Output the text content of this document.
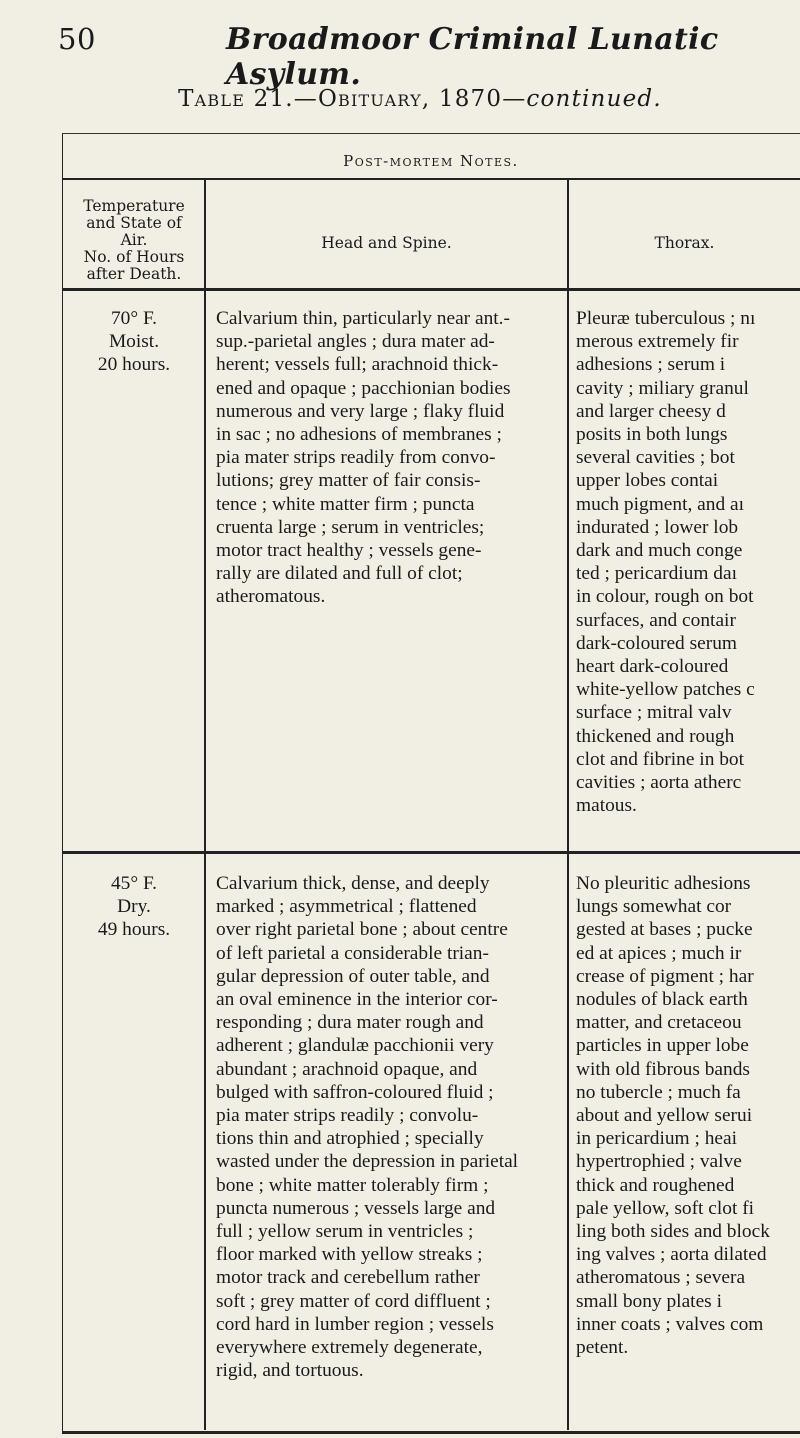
50	Broadmoor Criminal Lunatic Asylum.
Table 21.—Obituary, 1870—continued.
Post-mortem Notes.
Temperature
and State of
Air.
No. of Hours
after Death.
Head and Spine.	Thorax.
70° F.
Moist.
20 hours.
Calvarium thin, particularly near ant.-
sup.-parietal angles ; dura mater ad-
herent; vessels full; arachnoid thick-
ened and opaque ; pacchionian bodies
numerous and very large ; flaky fluid
in sac ; no adhesions of membranes ;
pia mater strips readily from convo-
lutions; grey matter of fair consis-
tence ; white matter firm ; puncta
cruenta large ; serum in ventricles;
motor tract healthy ; vessels gene-
rally are dilated and full of clot;
atheromatous.
Pleuræ tuberculous ; nı
merous extremely fir
adhesions ; serum i
cavity ; miliary granul
and larger cheesy d
posits in both lungs
several cavities ; bot
upper lobes contai
much pigment, and aı
indurated ; lower lob
dark and much conge
ted ; pericardium daı
in colour, rough on bot
surfaces, and contair
dark-coloured serum
heart dark-coloured
white-yellow patches c
surface ; mitral valv
thickened and rough
clot and fibrine in bot
cavities ; aorta atherc
matous.
45° F.
Dry.
49 hours.
Calvarium thick, dense, and deeply
marked ; asymmetrical ; flattened
over right parietal bone ; about centre
of left parietal a considerable trian-
gular depression of outer table, and
an oval eminence in the interior cor-
responding ; dura mater rough and
adherent ; glandulæ pacchionii very
abundant ; arachnoid opaque, and
bulged with saffron-coloured fluid ;
pia mater strips readily ; convolu-
tions thin and atrophied ; specially
wasted under the depression in parietal
bone ; white matter tolerably firm ;
puncta numerous ; vessels large and
full ; yellow serum in ventricles ;
floor marked with yellow streaks ;
motor track and cerebellum rather
soft ; grey matter of cord diffluent ;
cord hard in lumber region ; vessels
everywhere extremely degenerate,
rigid, and tortuous.
No pleuritic adhesions
lungs somewhat cor
gested at bases ; pucke
ed at apices ; much ir
crease of pigment ; har
nodules of black earth
matter, and cretaceou
particles in upper lobe
with old fibrous bands
no tubercle ; much fa
about and yellow serui
in pericardium ; heai
hypertrophied ; valve
thick and roughened
pale yellow, soft clot fi
ling both sides and block
ing valves ; aorta dilated
atheromatous ; severa
small bony plates i
inner coats ; valves com
petent.
